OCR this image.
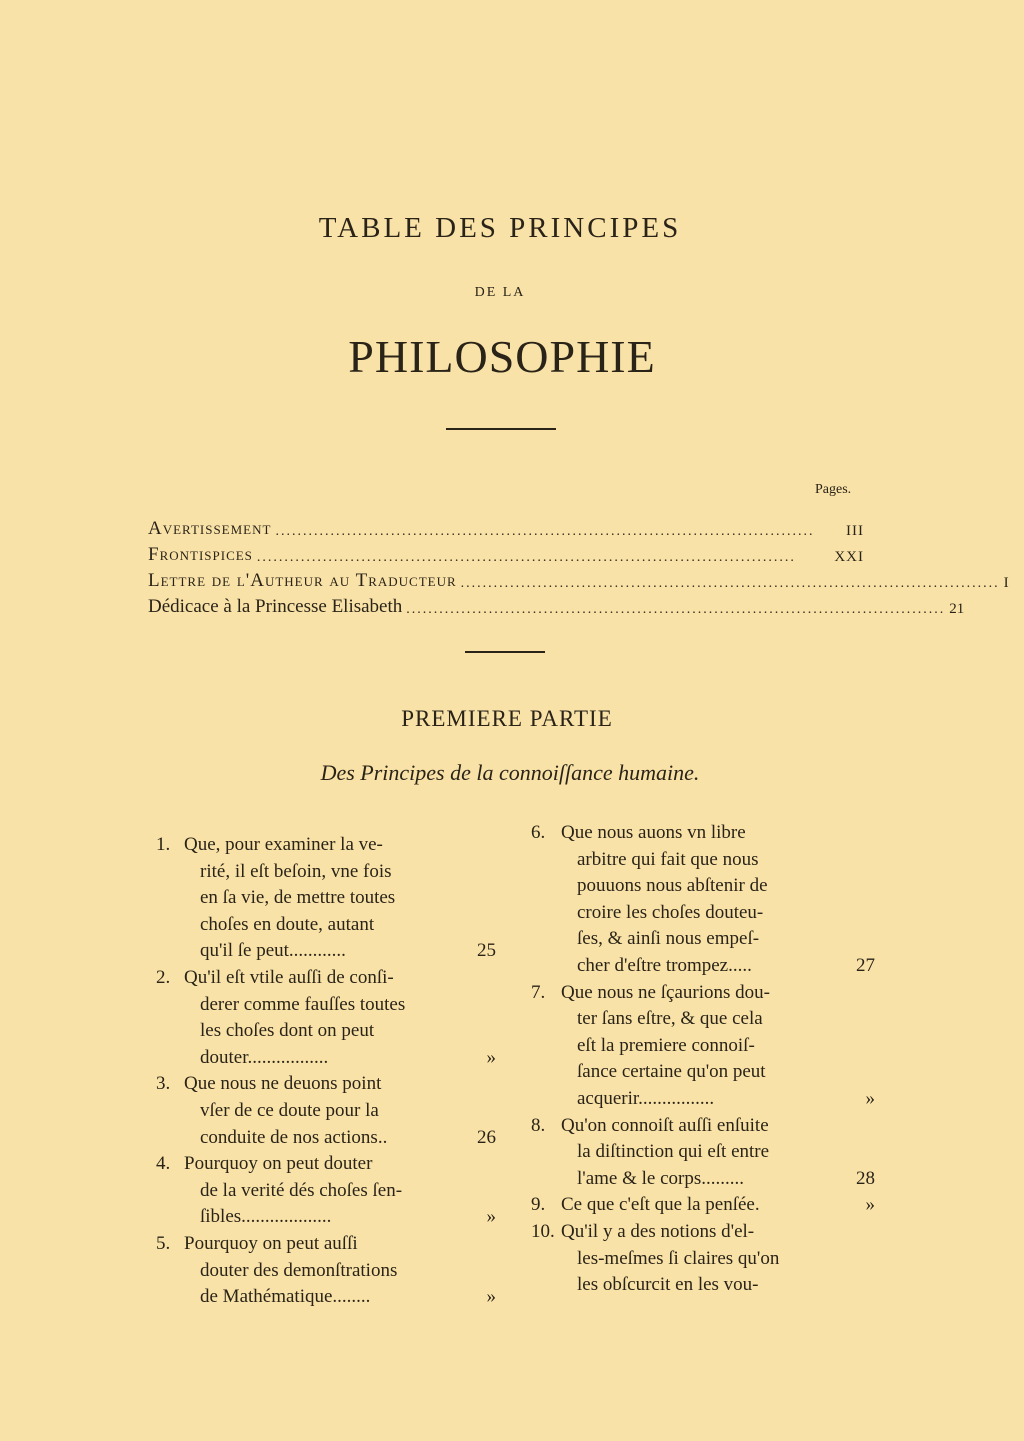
TABLE DES PRINCIPES
DE LA
PHILOSOPHIE
Pages.
Avertissement ..................................................................................................	III
Frontispices ..................................................................................................	XXI
Lettre de l'Autheur au Traducteur .................................................................................................. I
Dédicace à la Princesse Elisabeth .................................................................................................. 21
PREMIERE PARTIE
Des Principes de la connoiſſance humaine.
1. Que, pour examiner la ve-
rité, il eſt beſoin, vne fois
en ſa vie, de mettre toutes
choſes en doute, autant
qu'il ſe peut............	25
2. Qu'il eſt vtile auſſi de conſi-
derer comme fauſſes toutes
les choſes dont on peut
douter.................	»
3. Que nous ne deuons point
vſer de ce doute pour la
conduite de nos actions..	26
4. Pourquoy on peut douter
de la verité dés choſes ſen-
ſibles...................	»
5. Pourquoy on peut auſſi
douter des demonſtrations
de Mathématique........	»
6. Que nous auons vn libre
arbitre qui fait que nous
pouuons nous abſtenir de
croire les choſes douteu-
ſes, & ainſi nous empeſ-
cher d'eſtre trompez.....	27
7. Que nous ne ſçaurions dou-
ter ſans eſtre, & que cela
eſt la premiere connoiſ-
ſance certaine qu'on peut
acquerir................	»
8. Qu'on connoiſt auſſi enſuite
la diſtinction qui eſt entre
l'ame & le corps.........	28
9. Ce que c'eſt que la penſée.	»
10. Qu'il y a des notions d'el-
les-meſmes ſi claires qu'on
les obſcurcit en les vou-
